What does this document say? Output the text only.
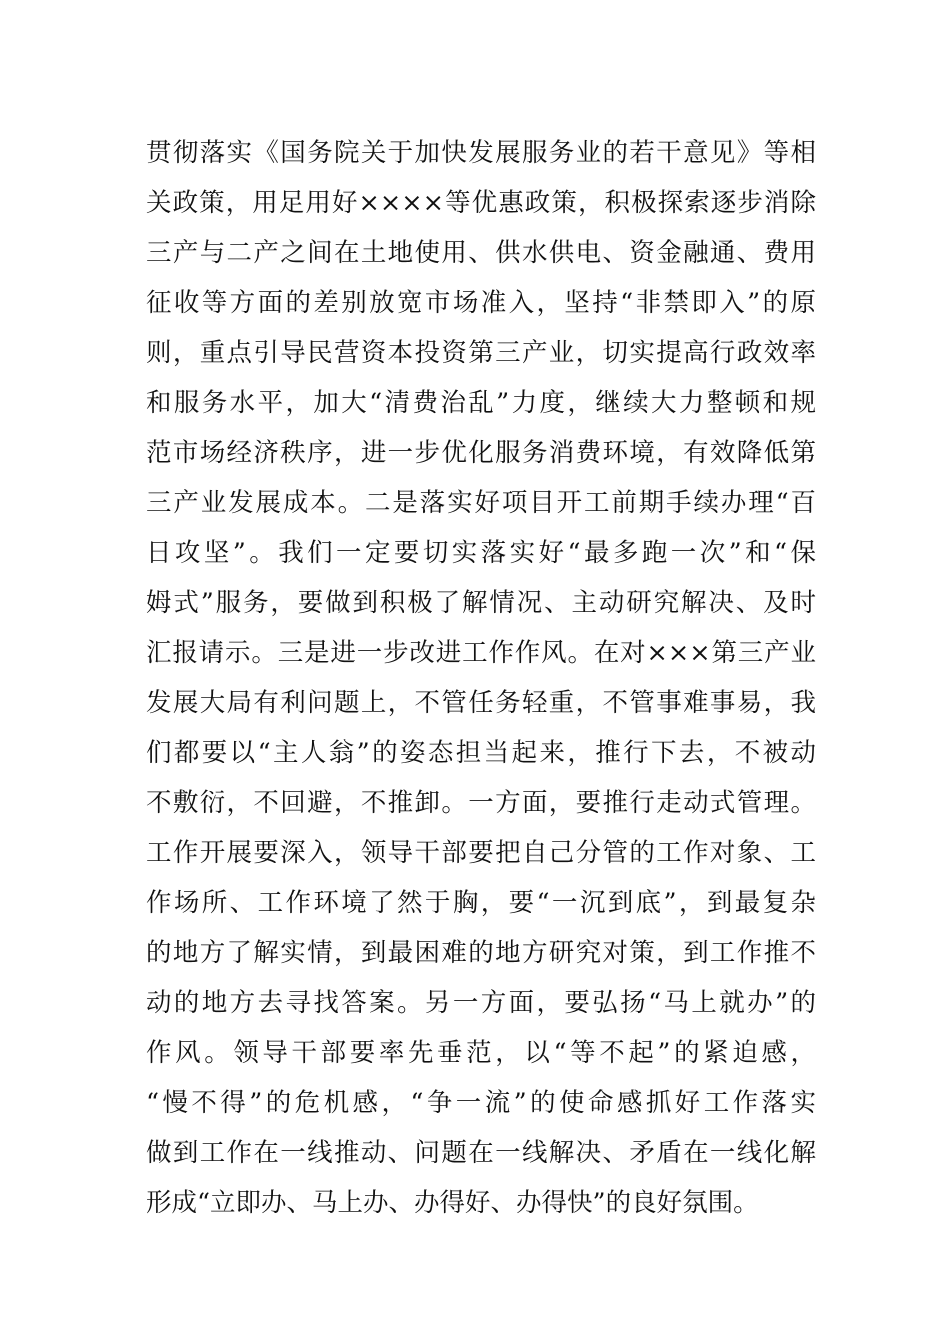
贯彻落实《国务院关于加快发展服务业的若干意见》等相
关政策，用足用好××××等优惠政策，积极探索逐步消除
三产与二产之间在土地使用、供水供电、资金融通、费用
征收等方面的差别放宽市场准入，坚持“非禁即入”的原
则，重点引导民营资本投资第三产业，切实提高行政效率
和服务水平，加大“清费治乱”力度，继续大力整顿和规
范市场经济秩序，进一步优化服务消费环境，有效降低第
三产业发展成本。二是落实好项目开工前期手续办理“百
日攻坚”。我们一定要切实落实好“最多跑一次”和“保
姆式”服务，要做到积极了解情况、主动研究解决、及时
汇报请示。三是进一步改进工作作风。在对×××第三产业
发展大局有利问题上，不管任务轻重，不管事难事易，我
们都要以“主人翁”的姿态担当起来，推行下去，不被动
不敷衍，不回避，不推卸。一方面，要推行走动式管理。
工作开展要深入，领导干部要把自己分管的工作对象、工
作场所、工作环境了然于胸，要“一沉到底”，到最复杂
的地方了解实情，到最困难的地方研究对策，到工作推不
动的地方去寻找答案。另一方面，要弘扬“马上就办”的
作风。领导干部要率先垂范，以“等不起”的紧迫感，
“慢不得”的危机感，“争一流”的使命感抓好工作落实
做到工作在一线推动、问题在一线解决、矛盾在一线化解
形成“立即办、马上办、办得好、办得快”的良好氛围。
